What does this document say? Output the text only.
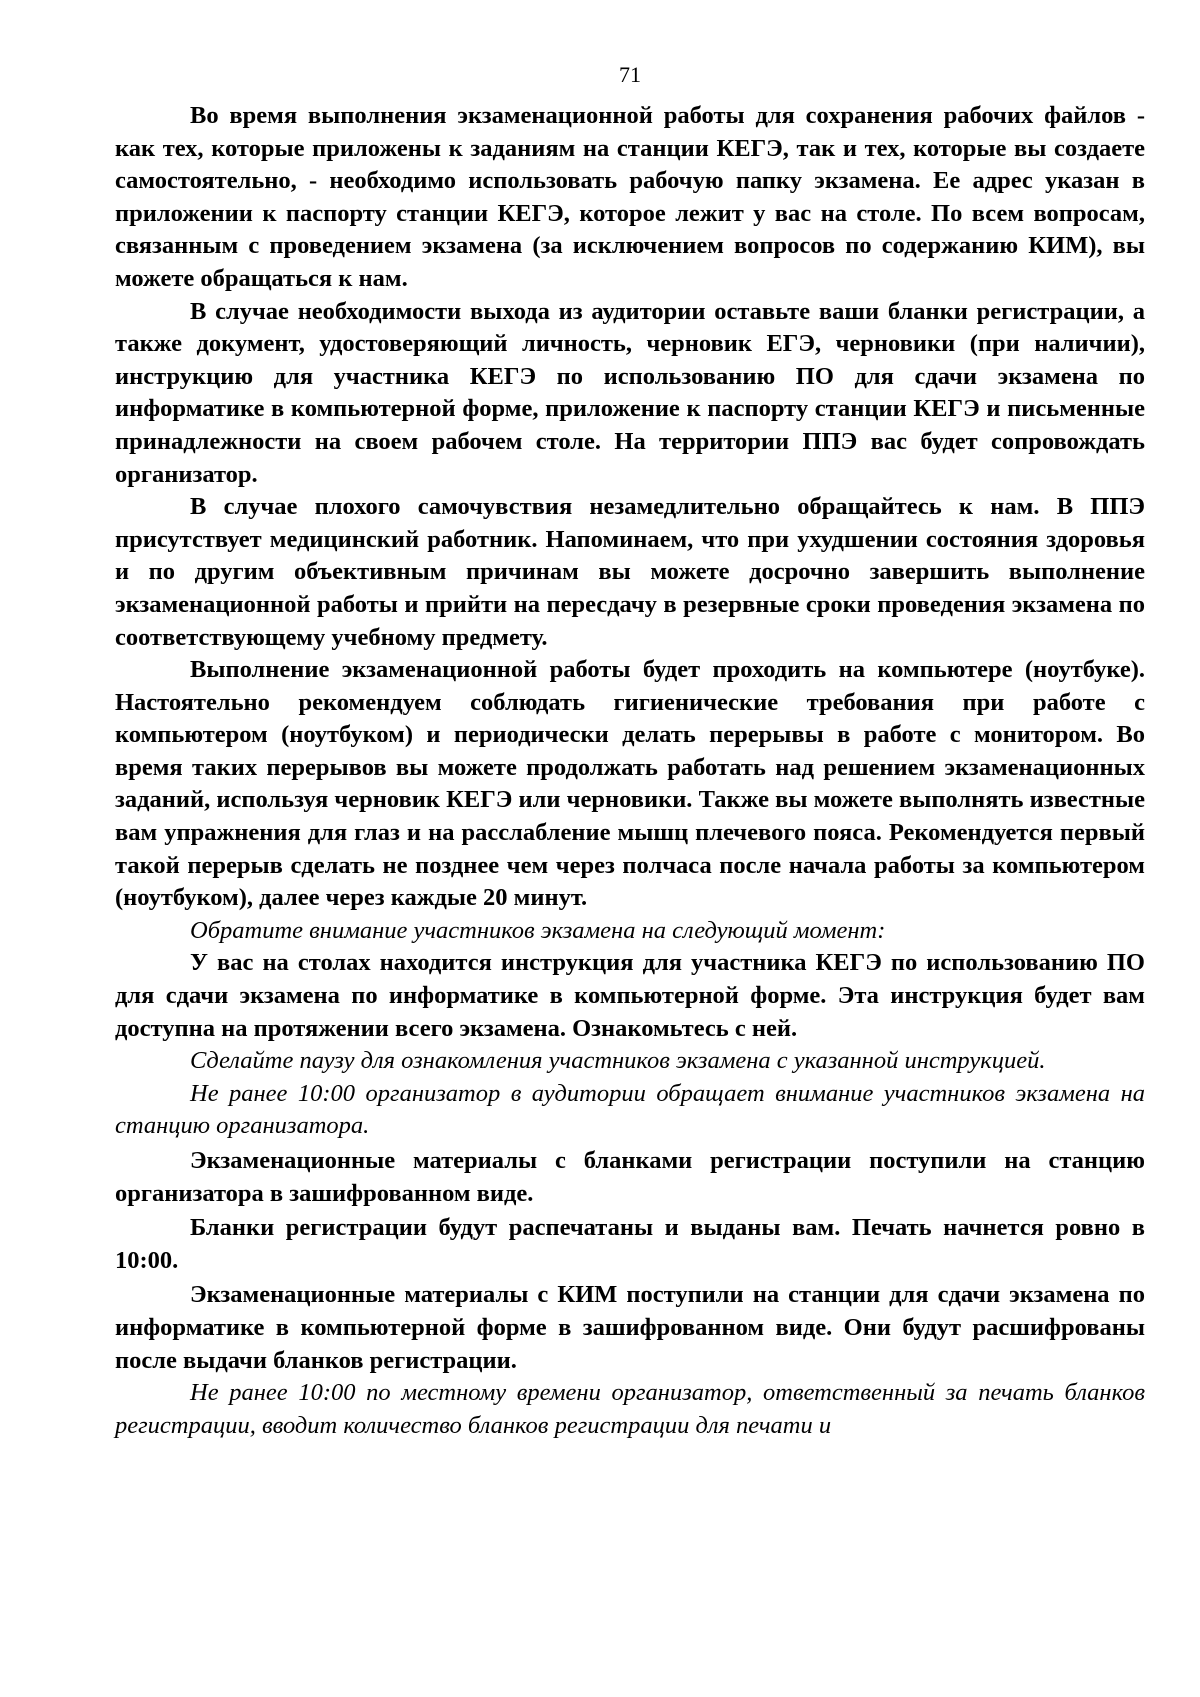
71

Во время выполнения экзаменационной работы для сохранения рабочих файлов - как тех, которые приложены к заданиям на станции КЕГЭ, так и тех, которые вы создаете самостоятельно, - необходимо использовать рабочую папку экзамена. Ее адрес указан в приложении к паспорту станции КЕГЭ, которое лежит у вас на столе. По всем вопросам, связанным с проведением экзамена (за исключением вопросов по содержанию КИМ), вы можете обращаться к нам.

В случае необходимости выхода из аудитории оставьте ваши бланки регистрации, а также документ, удостоверяющий личность, черновик ЕГЭ, черновики (при наличии), инструкцию для участника КЕГЭ по использованию ПО для сдачи экзамена по информатике в компьютерной форме, приложение к паспорту станции КЕГЭ и письменные принадлежности на своем рабочем столе. На территории ППЭ вас будет сопровождать организатор.

В случае плохого самочувствия незамедлительно обращайтесь к нам. В ППЭ присутствует медицинский работник. Напоминаем, что при ухудшении состояния здоровья и по другим объективным причинам вы можете досрочно завершить выполнение экзаменационной работы и прийти на пересдачу в резервные сроки проведения экзамена по соответствующему учебному предмету.

Выполнение экзаменационной работы будет проходить на компьютере (ноутбуке). Настоятельно рекомендуем соблюдать гигиенические требования при работе с компьютером (ноутбуком) и периодически делать перерывы в работе с монитором. Во время таких перерывов вы можете продолжать работать над решением экзаменационных заданий, используя черновик КЕГЭ или черновики. Также вы можете выполнять известные вам упражнения для глаз и на расслабление мышц плечевого пояса. Рекомендуется первый такой перерыв сделать не позднее чем через полчаса после начала работы за компьютером (ноутбуком), далее через каждые 20 минут.

Обратите внимание участников экзамена на следующий момент:

У вас на столах находится инструкция для участника КЕГЭ по использованию ПО для сдачи экзамена по информатике в компьютерной форме. Эта инструкция будет вам доступна на протяжении всего экзамена. Ознакомьтесь с ней.

Сделайте паузу для ознакомления участников экзамена с указанной инструкцией.

Не ранее 10:00 организатор в аудитории обращает внимание участников экзамена на станцию организатора.

Экзаменационные материалы с бланками регистрации поступили на станцию организатора в зашифрованном виде.

Бланки регистрации будут распечатаны и выданы вам. Печать начнется ровно в 10:00.

Экзаменационные материалы с КИМ поступили на станции для сдачи экзамена по информатике в компьютерной форме в зашифрованном виде. Они будут расшифрованы после выдачи бланков регистрации.

Не ранее 10:00 по местному времени организатор, ответственный за печать бланков регистрации, вводит количество бланков регистрации для печати и
